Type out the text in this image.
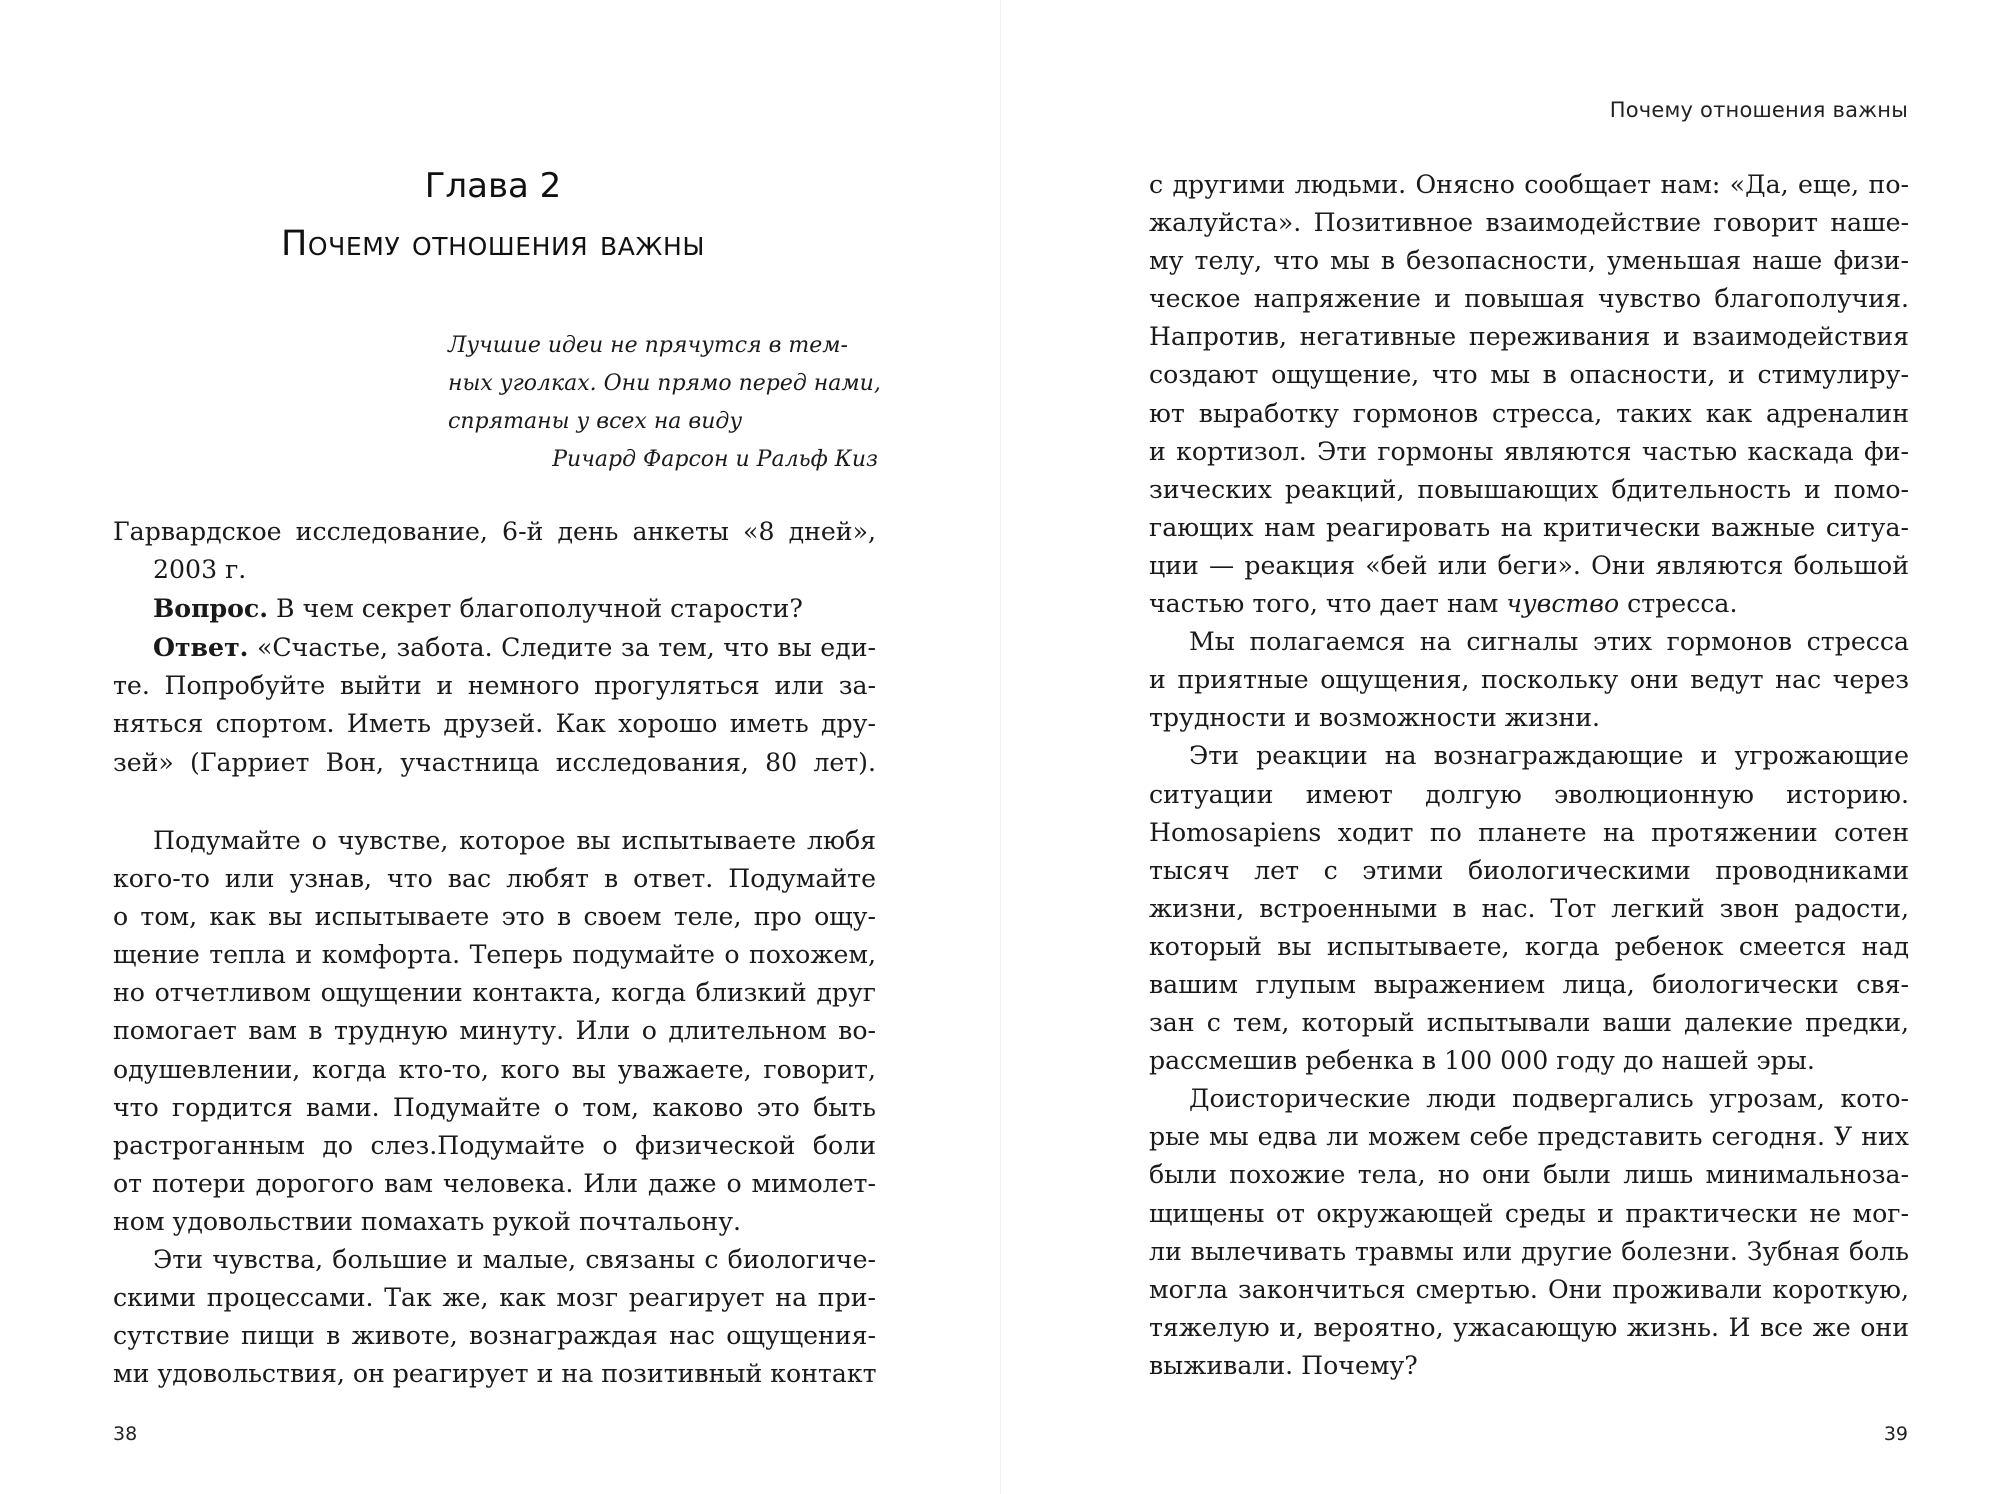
Глава 2
Почему отношения важны
Лучшие идеи не прячутся в тем-
ных уголках. Они прямо перед нами,
спрятаны у всех на виду
Ричард Фарсон и Ральф Киз
Гарвардское исследование, 6-й день анкеты «8 дней»,
2003 г.
Вопрос. В чем секрет благополучной старости?
Ответ. «Счастье, забота. Следите за тем, что вы еди-
те. Попробуйте выйти и немного прогуляться или за-
няться спортом. Иметь друзей. Как хорошо иметь дру-
зей» (Гарриет Вон, участница исследования, 80 лет).
Подумайте о чувстве, которое вы испытываете любя
кого-то или узнав, что вас любят в ответ. Подумайте
о том, как вы испытываете это в своем теле, про ощу-
щение тепла и комфорта. Теперь подумайте о похожем,
но отчетливом ощущении контакта, когда близкий друг
помогает вам в трудную минуту. Или о длительном во-
одушевлении, когда кто-то, кого вы уважаете, говорит,
что гордится вами. Подумайте о том, каково это быть
растроганным до слез.Подумайте о физической боли
от потери дорогого вам человека. Или даже о мимолет-
ном удовольствии помахать рукой почтальону.
Эти чувства, большие и малые, связаны с биологиче-
скими процессами. Так же, как мозг реагирует на при-
сутствие пищи в животе, вознаграждая нас ощущения-
ми удовольствия, он реагирует и на позитивный контакт
38
Почему отношения важны
39
с другими людьми. Онясно сообщает нам: «Да, еще, по-
жалуйста». Позитивное взаимодействие говорит наше-
му телу, что мы в безопасности, уменьшая наше физи-
ческое напряжение и повышая чувство благополучия.
Напротив, негативные переживания и взаимодействия
создают ощущение, что мы в опасности, и стимулиру-
ют выработку гормонов стресса, таких как адреналин
и кортизол. Эти гормоны являются частью каскада фи-
зических реакций, повышающих бдительность и помо-
гающих нам реагировать на критически важные ситуа-
ции — реакция «бей или беги». Они являются большой
частью того, что дает нам чувство стресса.
Мы полагаемся на сигналы этих гормонов стресса
и приятные ощущения, поскольку они ведут нас через
трудности и возможности жизни.
Эти реакции на вознаграждающие и угрожающие
ситуации имеют долгую эволюционную историю.
Homosapiens ходит по планете на протяжении сотен
тысяч лет с этими биологическими проводниками
жизни, встроенными в нас. Тот легкий звон радости,
который вы испытываете, когда ребенок смеется над
вашим глупым выражением лица, биологически свя-
зан с тем, который испытывали ваши далекие предки,
рассмешив ребенка в 100 000 году до нашей эры.
Доисторические люди подвергались угрозам, кото-
рые мы едва ли можем себе представить сегодня. У них
были похожие тела, но они были лишь минимальноза-
щищены от окружающей среды и практически не мог-
ли вылечивать травмы или другие болезни. Зубная боль
могла закончиться смертью. Они проживали короткую,
тяжелую и, вероятно, ужасающую жизнь. И все же они
выживали. Почему?
